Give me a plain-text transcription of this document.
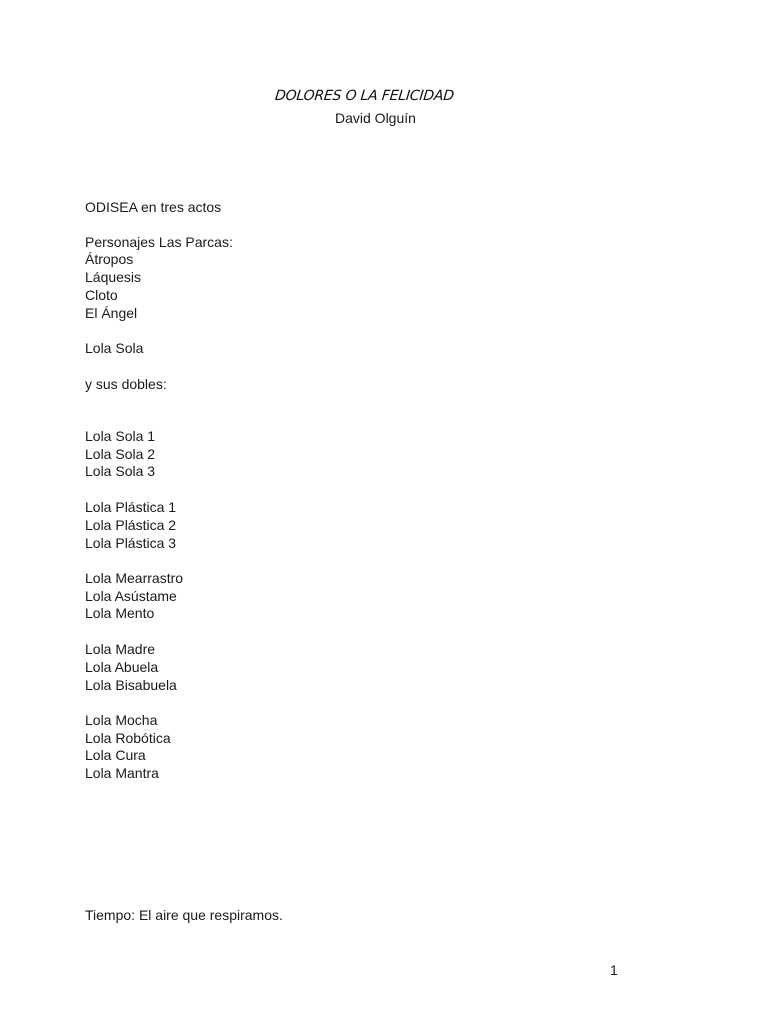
DOLORES O LA FELICIDAD
David Olguín
ODISEA en tres actos
Personajes Las Parcas:
Átropos
Láquesis
Cloto
El Ángel
Lola Sola
y sus dobles:
Lola Sola 1
Lola Sola 2
Lola Sola 3
Lola Plástica 1
Lola Plástica 2
Lola Plástica 3
Lola Mearrastro
Lola Asústame
Lola Mento
Lola Madre
Lola Abuela
Lola Bisabuela
Lola Mocha
Lola Robótica
Lola Cura
Lola Mantra
Tiempo: El aire que respiramos.
1
